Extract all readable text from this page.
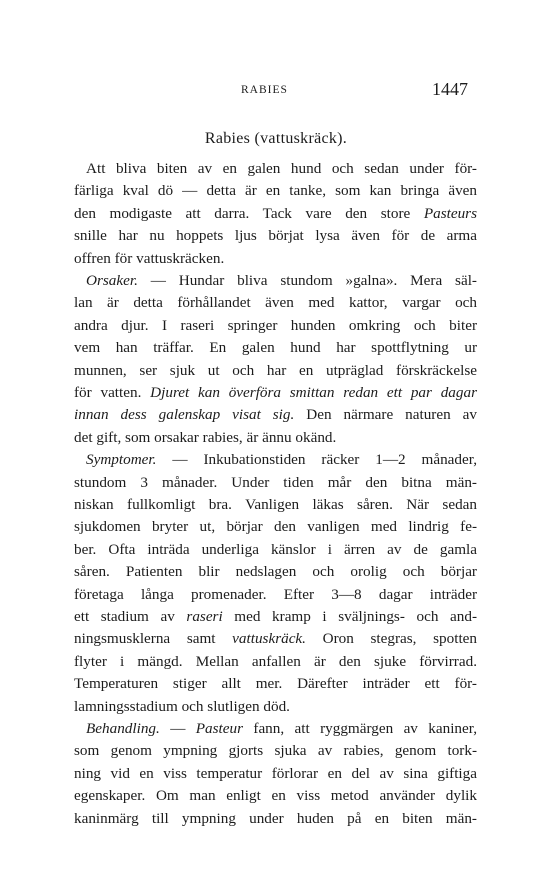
RABIES	1447
Rabies (vattuskräck).
Att bliva biten av en galen hund och sedan under för-
färliga kval dö — detta är en tanke, som kan bringa även
den modigaste att darra. Tack vare den store Pasteurs
snille har nu hoppets ljus börjat lysa även för de arma
offren för vattuskräcken.
Orsaker. — Hundar bliva stundom »galna». Mera säl-
lan är detta förhållandet även med kattor, vargar och
andra djur. I raseri springer hunden omkring och biter
vem han träffar. En galen hund har spottflytning ur
munnen, ser sjuk ut och har en utpräglad förskräckelse
för vatten. Djuret kan överföra smittan redan ett par dagar
innan dess galenskap visat sig. Den närmare naturen av
det gift, som orsakar rabies, är ännu okänd.
Symptomer. — Inkubationstiden räcker 1—2 månader,
stundom 3 månader. Under tiden mår den bitna män-
niskan fullkomligt bra. Vanligen läkas såren. När sedan
sjukdomen bryter ut, börjar den vanligen med lindrig fe-
ber. Ofta inträda underliga känslor i ärren av de gamla
såren. Patienten blir nedslagen och orolig och börjar
företaga långa promenader. Efter 3—8 dagar inträder
ett stadium av raseri med kramp i sväljnings- och and-
ningsmusklerna samt vattuskräck. Oron stegras, spotten
flyter i mängd. Mellan anfallen är den sjuke förvirrad.
Temperaturen stiger allt mer. Därefter inträder ett för-
lamningsstadium och slutligen död.
Behandling. — Pasteur fann, att ryggmärgen av kaniner,
som genom ympning gjorts sjuka av rabies, genom tork-
ning vid en viss temperatur förlorar en del av sina giftiga
egenskaper. Om man enligt en viss metod använder dylik
kaninmärg till ympning under huden på en biten män-
